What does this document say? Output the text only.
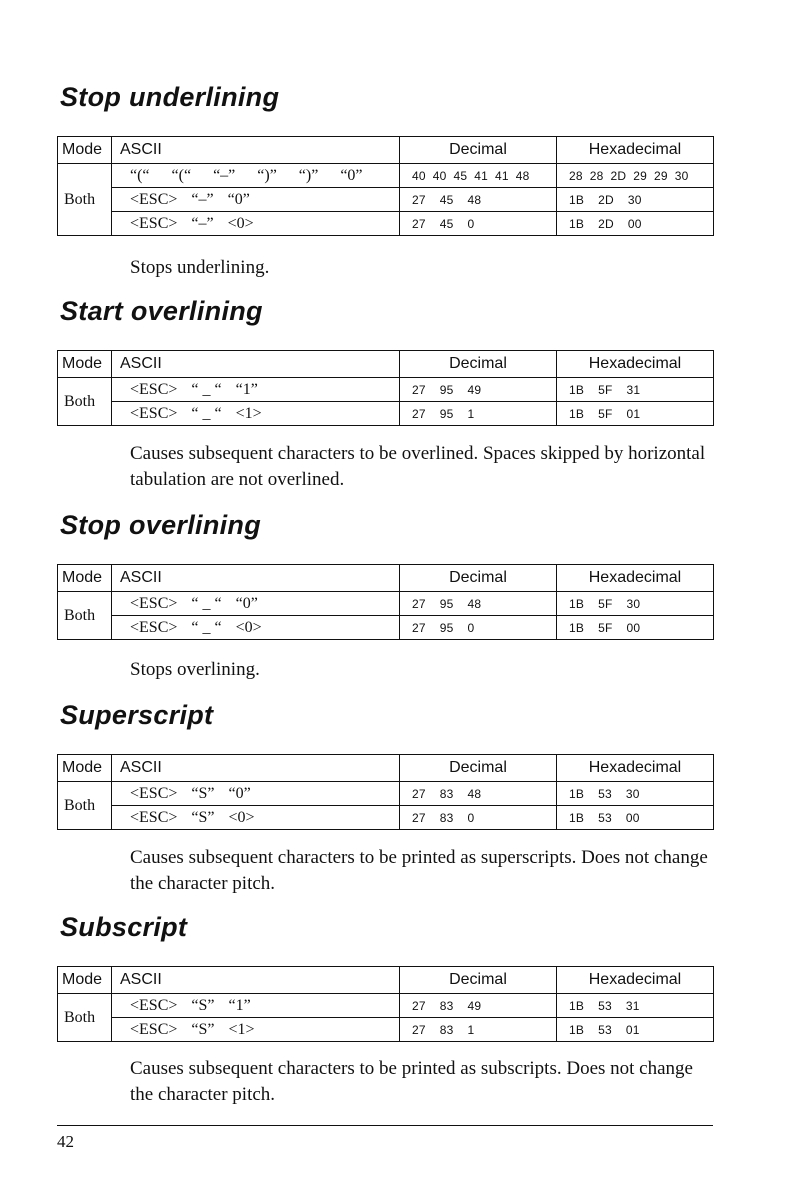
Stop underlining
Mode	ASCII	Decimal	Hexadecimal
Both	“(“ “(“ “–” “)” “)” “0”	40 40 45 41 41 48	28 28 2D 29 29 30
	<ESC> “–” “0”	27 45 48	1B 2D 30
	<ESC> “–” <0>	27 45 0	1B 2D 00

Stops underlining.

Start overlining
Mode	ASCII	Decimal	Hexadecimal
Both	<ESC> “ _ “ “1”	27 95 49	1B 5F 31
	<ESC> “ _ “ <1>	27 95 1	1B 5F 01

Causes subsequent characters to be overlined. Spaces skipped by horizontal tabulation are not overlined.

Stop overlining
Mode	ASCII	Decimal	Hexadecimal
Both	<ESC> “ _ “ “0”	27 95 48	1B 5F 30
	<ESC> “ _ “ <0>	27 95 0	1B 5F 00

Stops overlining.

Superscript
Mode	ASCII	Decimal	Hexadecimal
Both	<ESC> “S” “0”	27 83 48	1B 53 30
	<ESC> “S” <0>	27 83 0	1B 53 00

Causes subsequent characters to be printed as superscripts. Does not change the character pitch.

Subscript
Mode	ASCII	Decimal	Hexadecimal
Both	<ESC> “S” “1”	27 83 49	1B 53 31
	<ESC> “S” <1>	27 83 1	1B 53 01

Causes subsequent characters to be printed as subscripts. Does not change the character pitch.

42
